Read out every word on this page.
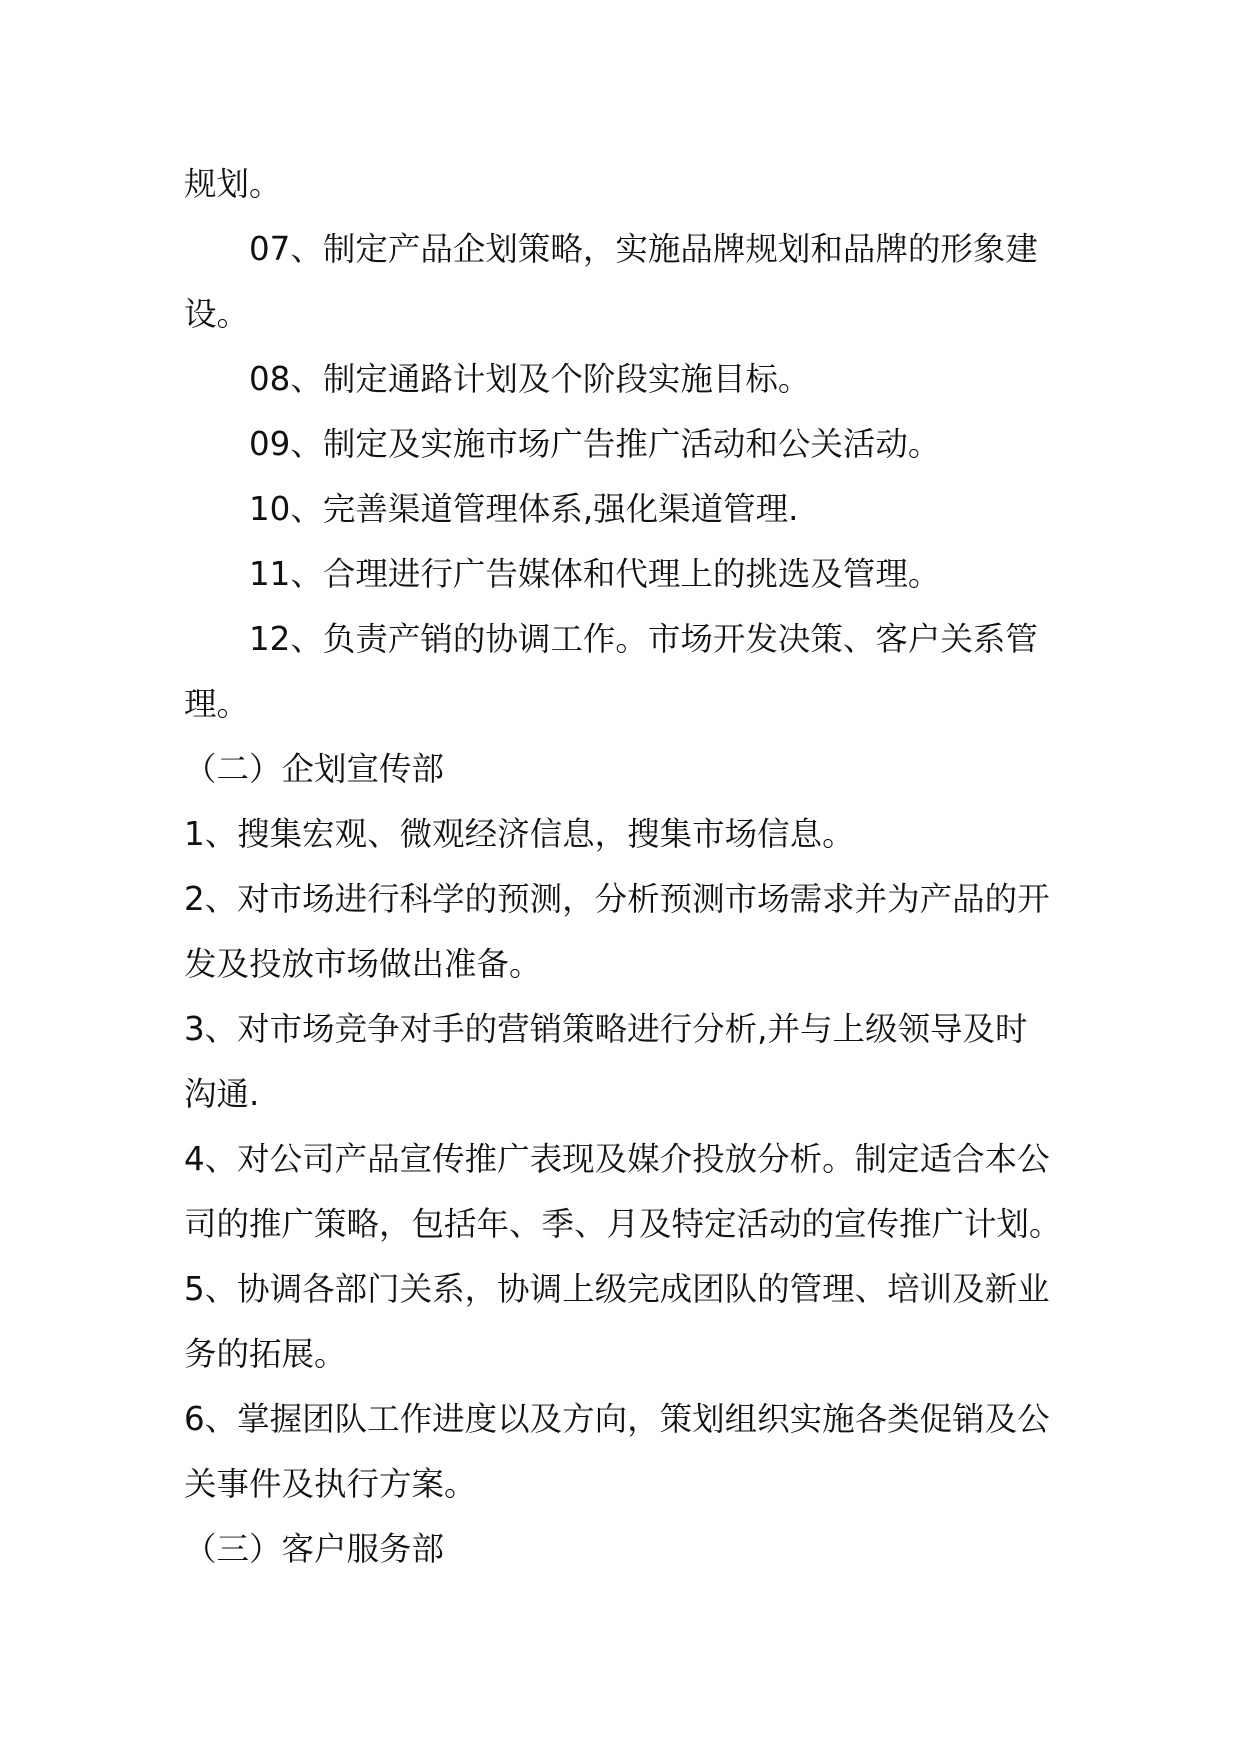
规划。
07、制定产品企划策略，实施品牌规划和品牌的形象建
设。
08、制定通路计划及个阶段实施目标。
09、制定及实施市场广告推广活动和公关活动。
10、完善渠道管理体系,强化渠道管理.
11、合理进行广告媒体和代理上的挑选及管理。
12、负责产销的协调工作。市场开发决策、客户关系管
理。
（二）企划宣传部
1、搜集宏观、微观经济信息，搜集市场信息。
2、对市场进行科学的预测，分析预测市场需求并为产品的开
发及投放市场做出准备。
3、对市场竞争对手的营销策略进行分析,并与上级领导及时
沟通.
4、对公司产品宣传推广表现及媒介投放分析。制定适合本公
司的推广策略，包括年、季、月及特定活动的宣传推广计划。
5、协调各部门关系，协调上级完成团队的管理、培训及新业
务的拓展。
6、掌握团队工作进度以及方向，策划组织实施各类促销及公
关事件及执行方案。
（三）客户服务部
